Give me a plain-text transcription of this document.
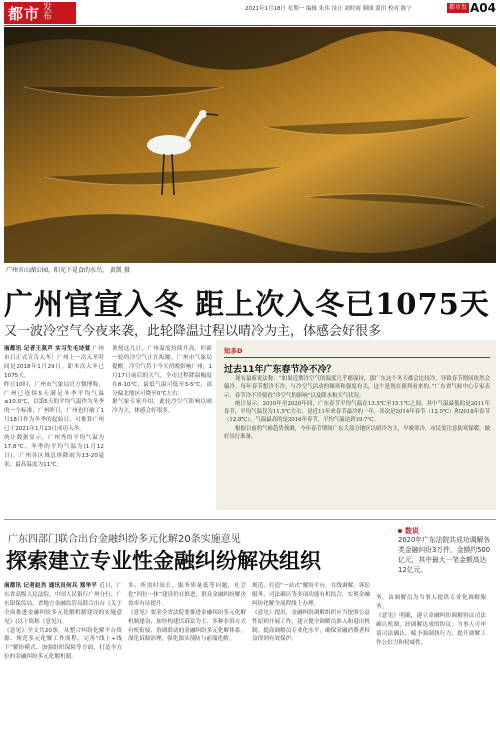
都市 发布
2021年1月18日 星期一 编辑 朱玮 设计 刘时雨 制图 蒙田 校对 陈宁	都市发布
A04
广州市山湖公园，阳光下觅食的水鸟。 黄凯 摄
广州官宣入冬 距上次入冬已1075天
又一波冷空气今夜来袭，此轮降温过程以晴冷为主，体感会好很多
南都讯 记者王莫芦 实习生毛诗萱 广州市日正式宣告入冬！广州上一次入冬时间是2018年1月29日，距本次入冬已1075天。
昨日10时，广州市气象局官方微博称，广州已连续5天满足冬季平均气温≤10.0℃，以第5天的平均气温作为冬季的一个标准，广州昨日，广州也打破了1月18日作为冬季的起始日，可推算广州已于2021年1月13日成功入冬。
统计数据显示，广州秀的平均气温为17.8℃，冬季的平均气温为(1月12日)，广州各区域总体降雨为13-20毫米，最高温度为11℃。
暑热这几日，广州温度持续升高，但新一轮的冷空气正在酝酿。广州市气象局提醒，冷空气将于今天傍晚影响广州，1月17日前后的天气，全市过程降温幅度在8-10℃，最低气温可低至3-5℃，部分偏北地区可降至0℃左右。
据气象专家介绍，此轮冷空气影响以晴冷为主，体感会好很多。
知多D
过去11年广东春节冷不冷？

现有最新说法称：“如果近期冷空气的温度几乎都保持，那广东这个冬天都会比较冷，导致春节期间依然会偏冷。每年春节想冷不冷，与冷空气活动的频率和强度有关，这个是现在预判看来的。”广东省气候中心专家表示，春节冷不冷要看“冷空气的影响”以及降水和天气状况。

统计显示，2010年至2020年间，广东春节平均气温在13.5℃至15.1℃之间，其中气温最低的是2011年春节，平均气温仅为11.5℃左右，是近11年来春节最冷的一年，其次是2014年春节（12.5℃）和2018年春节（12.8℃）。气温最高的是2016年春节，平均气温达到19.7℃。

根据目前的气候趋势预测，今年春节期间广东大部分地区以晴冷为主，早晚寒冷，市民需注意防寒保暖，做好出行准备。

广东四部门联合出台金融纠纷多元化解20条实施意见
探索建立专业性金融纠纷解决组织
南都讯 记者赵肖 通讯员何兵 郑华平 近日，广东省高级人民法院、中国人民银行广州分行、广东银保监局、省地方金融监管局联合出台《关于全面推进金融纠纷多元化解机制建设的实施意见》(以下简称《意见》)。
《意见》全文共20条，从整合纠纷化解平台资源、规范多元化解工作流程、完善“线上+线下”解纷模式、加强组织保障等方面，打造全方位的金融纠纷多元化解机制。
多、所需时间长、服务质量低等问题，社会化“四位一体”建设仍在推进，群众金融纠纷解决效率有待提升。
《意见》要求全省法院要推进金融纠纷多元化解机制建设，加快构建以诉讼为主、多种非诉方式有机衔接、协调联动的金融纠纷多元化解体系，深化诉源治理，强化源头预防与前端化解。
规范，打造“一站式”解纷平台，在线调解、诉讼服务、司法确认等多项功能有机结合，实现金融纠纷化解全流程线上办理。
《意见》提出，金融纠纷调解组织应当按照公益性原则开展工作，建立健全调解员准入和退出机制，提高调解员专业化水平，确保金融消费者权益得到有效保护。
数说
2020年广东法院共成功调解各类金融纠纷3万件，金额约500亿元，其中最大一笔金额高达12亿元。
务，由调解员为当事人提供专业化调解服务。
《意见》明确，建立金融纠纷调解协议司法确认机制，经调解达成的协议，当事人可申请司法确认，赋予强制执行力，提升调解工作公信力和权威性。
